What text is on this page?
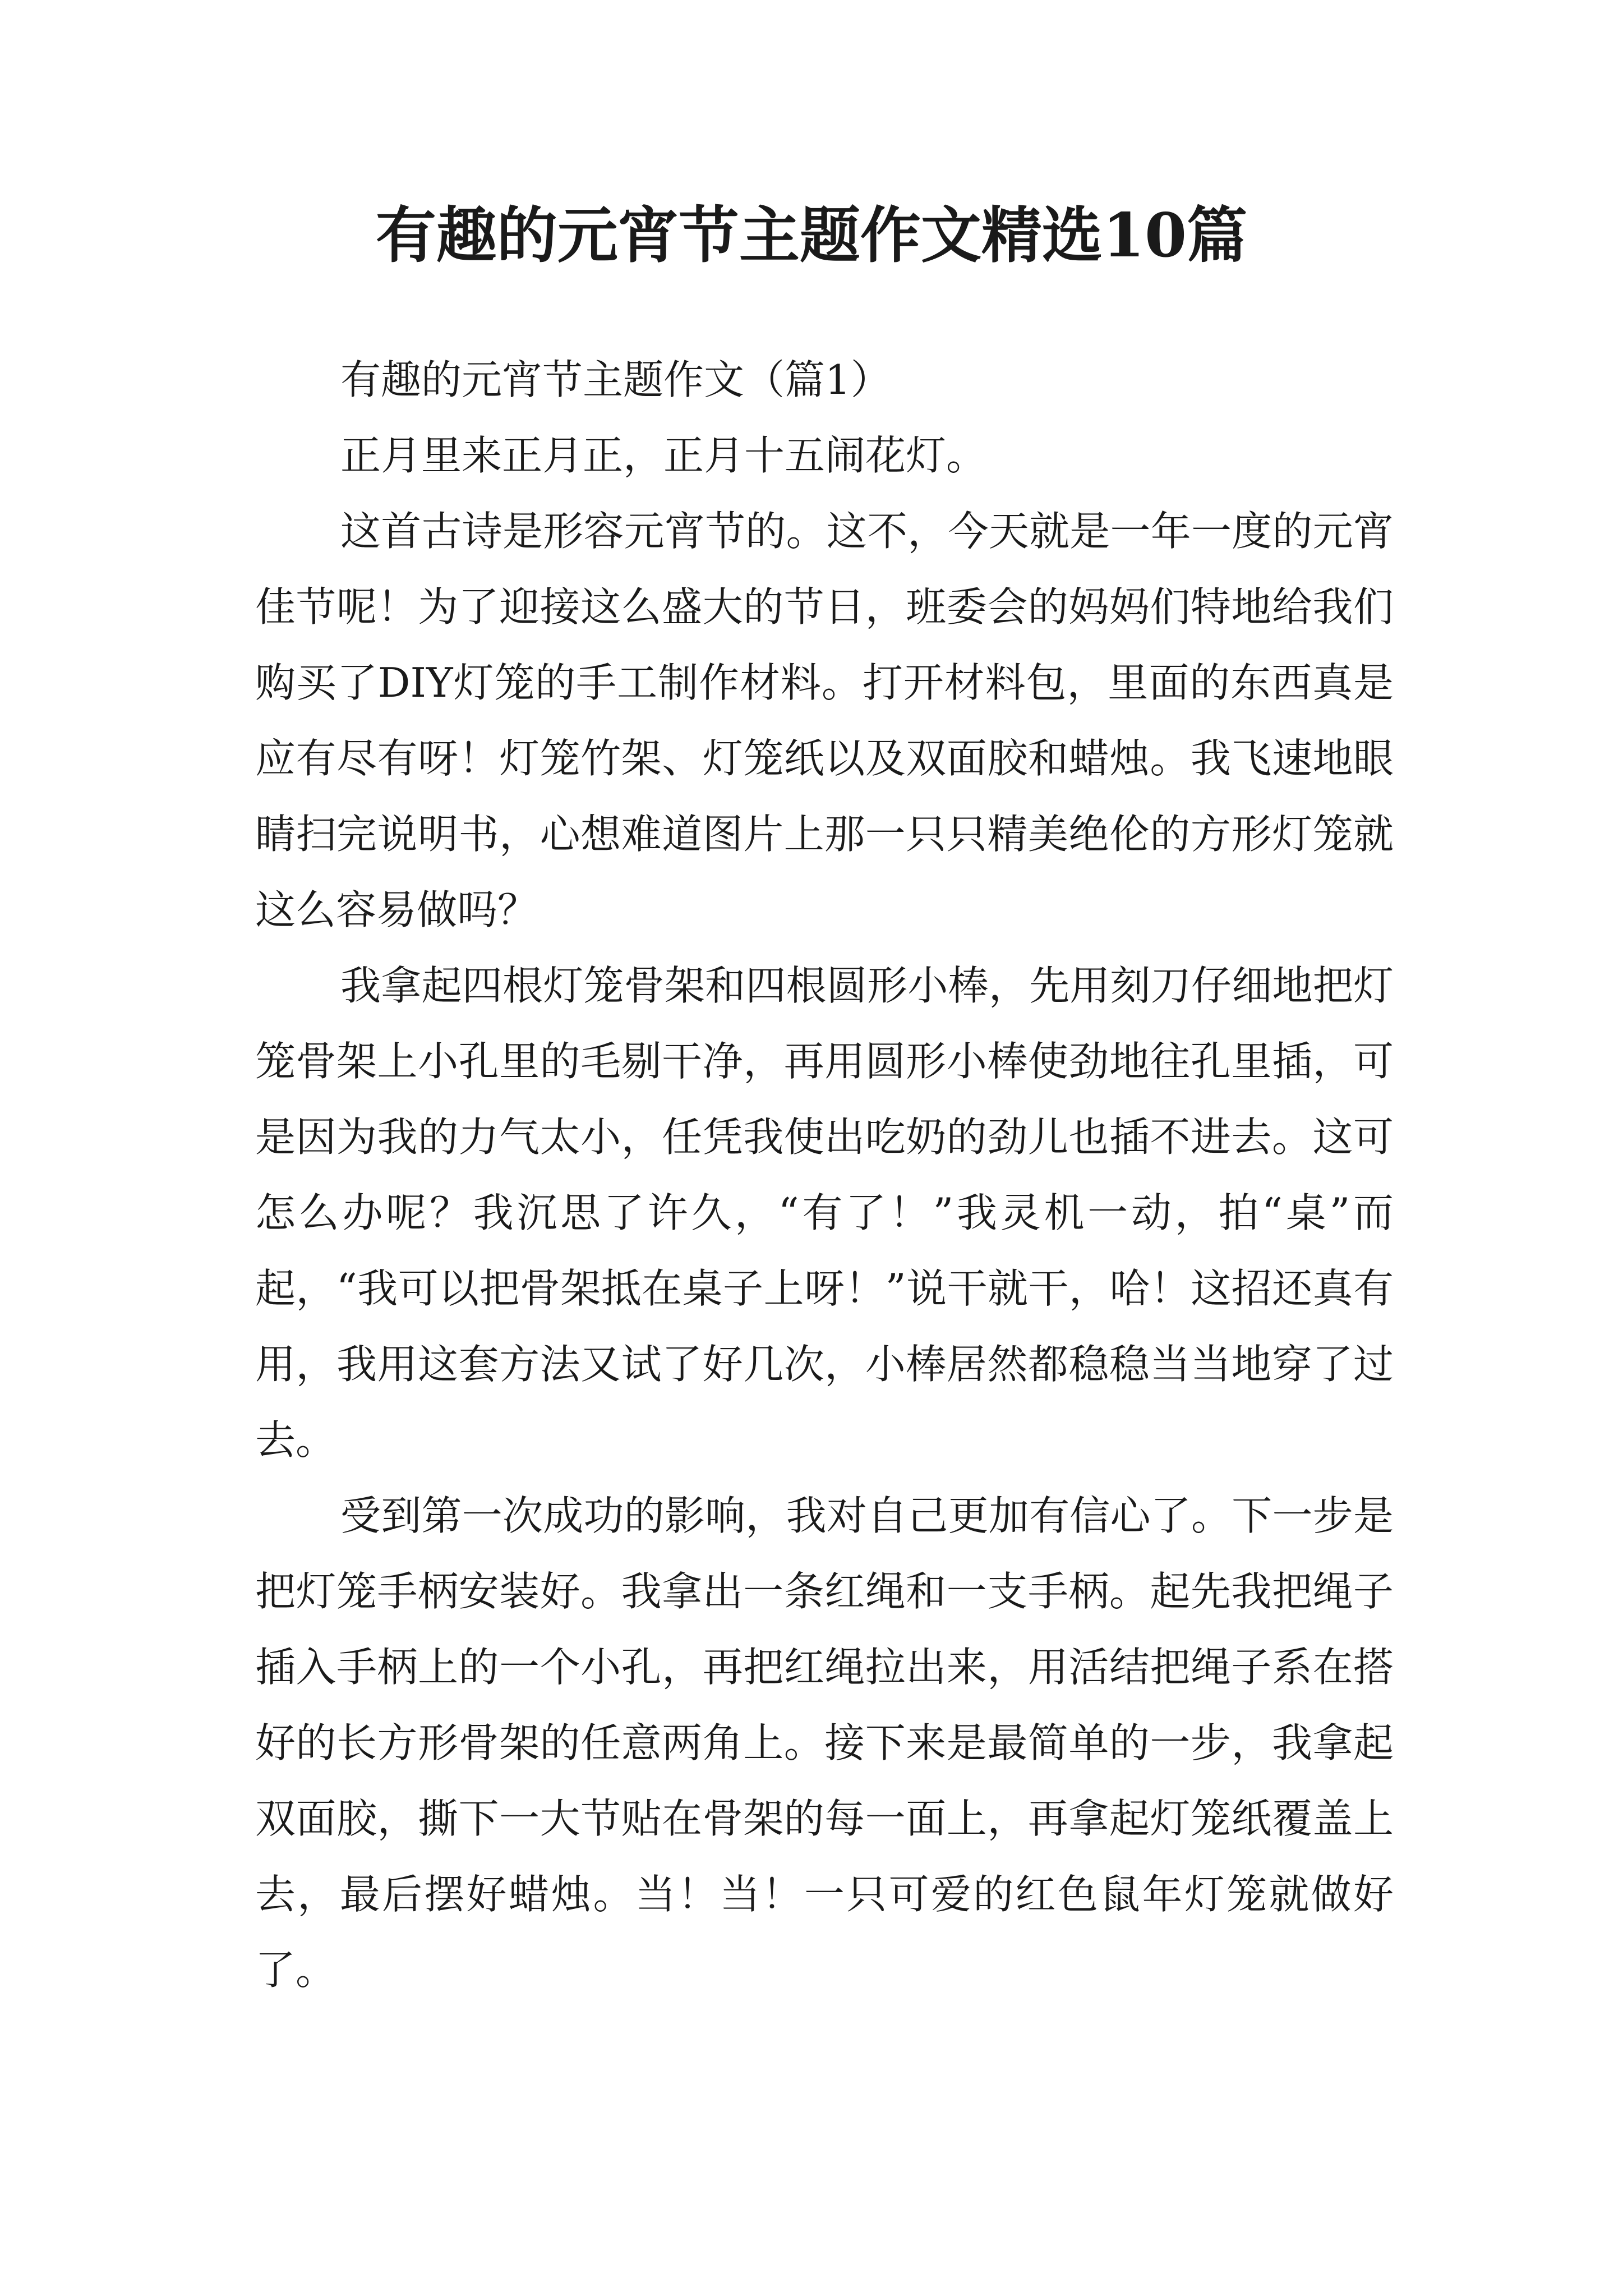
有趣的元宵节主题作文精选10篇

有趣的元宵节主题作文（篇1）

正月里来正月正，正月十五闹花灯。

这首古诗是形容元宵节的。这不，今天就是一年一度的元宵佳节呢！为了迎接这么盛大的节日，班委会的妈妈们特地给我们购买了DIY灯笼的手工制作材料。打开材料包，里面的东西真是应有尽有呀！灯笼竹架、灯笼纸以及双面胶和蜡烛。我飞速地眼睛扫完说明书，心想难道图片上那一只只精美绝伦的方形灯笼就这么容易做吗？

我拿起四根灯笼骨架和四根圆形小棒，先用刻刀仔细地把灯笼骨架上小孔里的毛剔干净，再用圆形小棒使劲地往孔里插，可是因为我的力气太小，任凭我使出吃奶的劲儿也插不进去。这可怎么办呢？我沉思了许久，“有了！”我灵机一动，拍“桌”而起，“我可以把骨架抵在桌子上呀！”说干就干，哈！这招还真有用，我用这套方法又试了好几次，小棒居然都稳稳当当地穿了过去。

受到第一次成功的影响，我对自己更加有信心了。下一步是把灯笼手柄安装好。我拿出一条红绳和一支手柄。起先我把绳子插入手柄上的一个小孔，再把红绳拉出来，用活结把绳子系在搭好的长方形骨架的任意两角上。接下来是最简单的一步，我拿起双面胶，撕下一大节贴在骨架的每一面上，再拿起灯笼纸覆盖上去，最后摆好蜡烛。当！当！一只可爱的红色鼠年灯笼就做好了。
